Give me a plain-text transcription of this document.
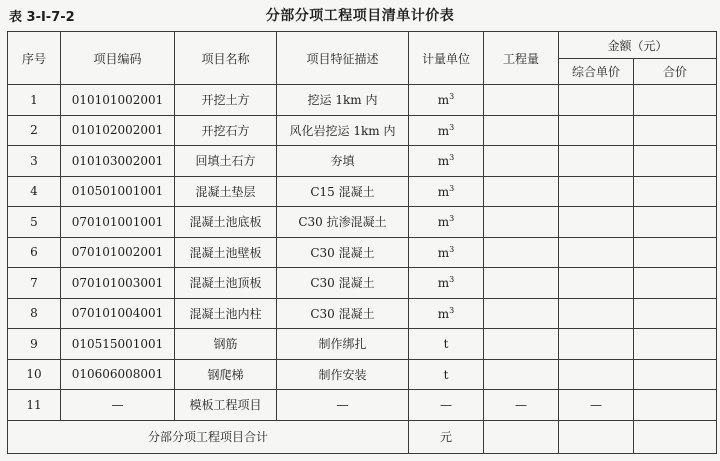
表 3-Ⅰ-7-2	分部分项工程项目清单计价表
序号	项目编码	项目名称	项目特征描述	计量单位	工程量	金额（元）	
						综合单价	合价
1	010101002001	开挖土方	挖运 1km 内	$m^3$			
2	010102002001	开挖石方	风化岩挖运 1km 内	$m^3$			
3	010103002001	回填土石方	夯填	$m^3$			
4	010501001001	混凝土垫层	C15 混凝土	$m^3$			
5	070101001001	混凝土池底板	C30 抗渗混凝土	$m^3$			
6	070101002001	混凝土池壁板	C30 混凝土	$m^3$			
7	070101003001	混凝土池顶板	C30 混凝土	$m^3$			
8	070101004001	混凝土池内柱	C30 混凝土	$m^3$			
9	010515001001	钢筋	制作绑扎	t			
10	010606008001	钢爬梯	制作安装	t			
11	—	模板工程项目	—	—	—	—	
分部分项工程项目合计				元			
